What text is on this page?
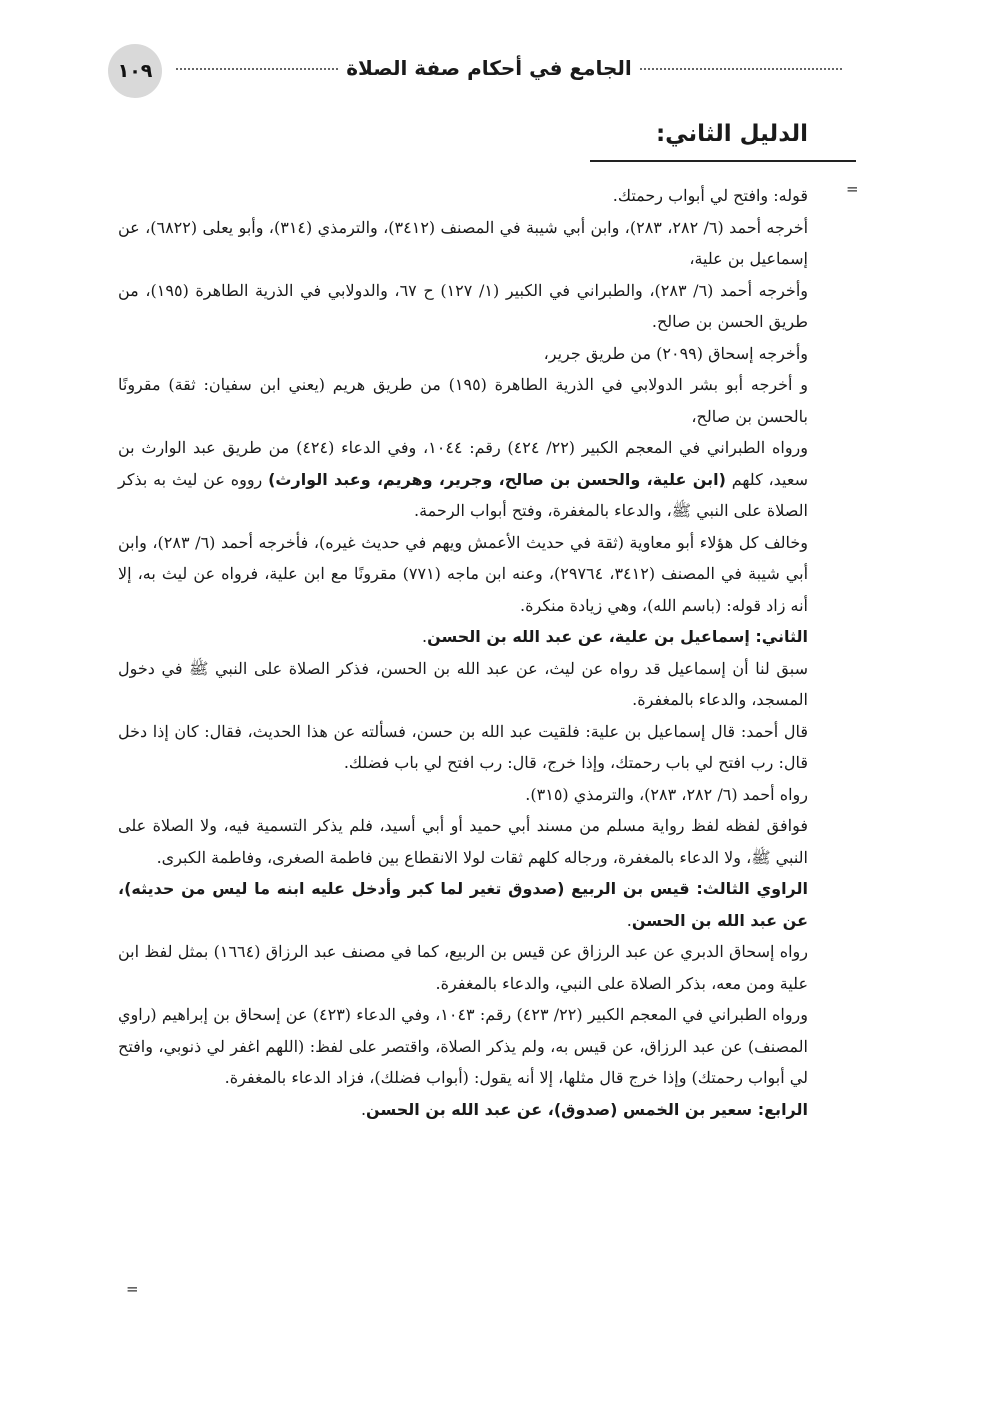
١٠٩	الجامع في أحكام صفة الصلاة
الدليل الثاني:
=
=

قوله: وافتح لي أبواب رحمتك.

أخرجه أحمد (٦/ ٢٨٢، ٢٨٣)، وابن أبي شيبة في المصنف (٣٤١٢)، والترمذي (٣١٤)، وأبو يعلى (٦٨٢٢)، عن إسماعيل بن علية،

وأخرجه أحمد (٦/ ٢٨٣)، والطبراني في الكبير (١/ ١٢٧) ح ٦٧، والدولابي في الذرية الطاهرة (١٩٥)، من طريق الحسن بن صالح.

وأخرجه إسحاق (٢٠٩٩) من طريق جرير،

و أخرجه أبو بشر الدولابي في الذرية الطاهرة (١٩٥) من طريق هريم (يعني ابن سفيان: ثقة) مقرونًا بالحسن بن صالح،

ورواه الطبراني في المعجم الكبير (٢٢/ ٤٢٤) رقم: ١٠٤٤، وفي الدعاء (٤٢٤) من طريق عبد الوارث بن سعيد، كلهم (ابن علية، والحسن بن صالح، وجرير، وهريم، وعبد الوارث) رووه عن ليث به بذكر الصلاة على النبي ﷺ، والدعاء بالمغفرة، وفتح أبواب الرحمة.

وخالف كل هؤلاء أبو معاوية (ثقة في حديث الأعمش ويهم في حديث غيره)، فأخرجه أحمد (٦/ ٢٨٣)، وابن أبي شيبة في المصنف (٣٤١٢، ٢٩٧٦٤)، وعنه ابن ماجه (٧٧١) مقرونًا مع ابن علية، فرواه عن ليث به، إلا أنه زاد قوله: (باسم الله)، وهي زيادة منكرة.

الثاني: إسماعيل بن علية، عن عبد الله بن الحسن.

سبق لنا أن إسماعيل قد رواه عن ليث، عن عبد الله بن الحسن، فذكر الصلاة على النبي ﷺ في دخول المسجد، والدعاء بالمغفرة.

قال أحمد: قال إسماعيل بن علية: فلقيت عبد الله بن حسن، فسألته عن هذا الحديث، فقال: كان إذا دخل قال: رب افتح لي باب رحمتك، وإذا خرج، قال: رب افتح لي باب فضلك.

رواه أحمد (٦/ ٢٨٢، ٢٨٣)، والترمذي (٣١٥).

فوافق لفظه لفظ رواية مسلم من مسند أبي حميد أو أبي أسيد، فلم يذكر التسمية فيه، ولا الصلاة على النبي ﷺ، ولا الدعاء بالمغفرة، ورجاله كلهم ثقات لولا الانقطاع بين فاطمة الصغرى، وفاطمة الكبرى.

الراوي الثالث: قيس بن الربيع (صدوق تغير لما كبر وأدخل عليه ابنه ما ليس من حديثه)، عن عبد الله بن الحسن.

رواه إسحاق الدبري عن عبد الرزاق عن قيس بن الربيع، كما في مصنف عبد الرزاق (١٦٦٤) بمثل لفظ ابن علية ومن معه، بذكر الصلاة على النبي، والدعاء بالمغفرة.

ورواه الطبراني في المعجم الكبير (٢٢/ ٤٢٣) رقم: ١٠٤٣، وفي الدعاء (٤٢٣) عن إسحاق بن إبراهيم (راوي المصنف) عن عبد الرزاق، عن قيس به، ولم يذكر الصلاة، واقتصر على لفظ: (اللهم اغفر لي ذنوبي، وافتح لي أبواب رحمتك) وإذا خرج قال مثلها، إلا أنه يقول: (أبواب فضلك)، فزاد الدعاء بالمغفرة.

الرابع: سعير بن الخمس (صدوق)، عن عبد الله بن الحسن.
